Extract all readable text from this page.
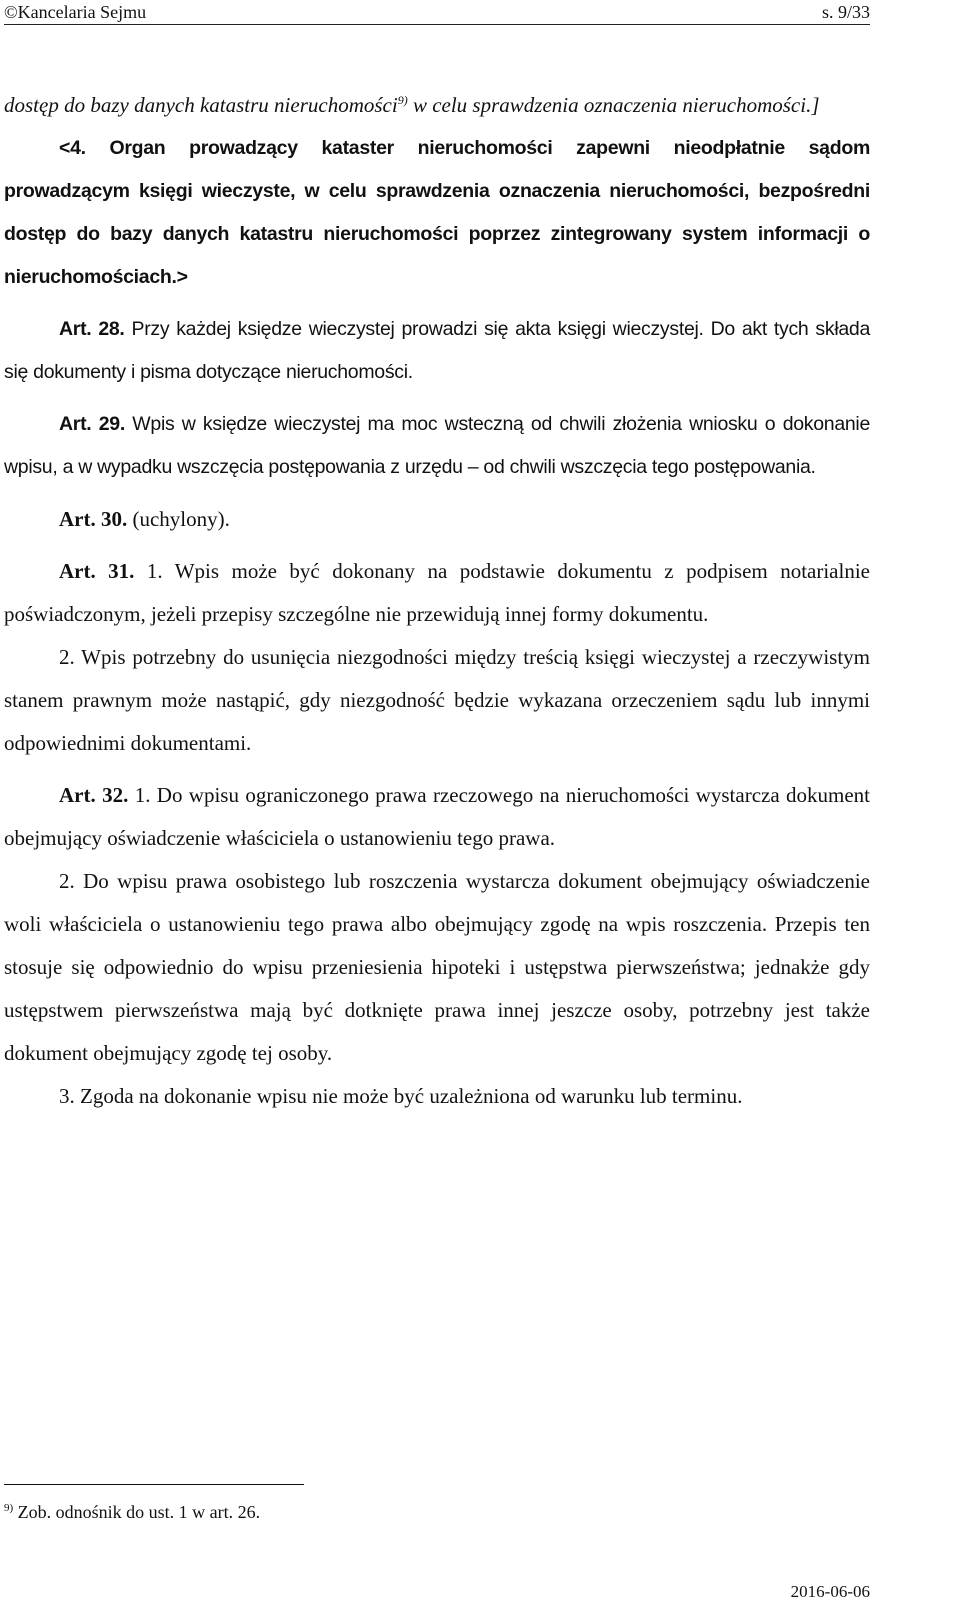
©Kancelaria Sejmu	s. 9/33

dostęp do bazy danych katastru nieruchomości$^{9)}$ w celu sprawdzenia oznaczenia nieruchomości.]

<4. Organ prowadzący kataster nieruchomości zapewni nieodpłatnie sądom prowadzącym księgi wieczyste, w celu sprawdzenia oznaczenia nieruchomości, bezpośredni dostęp do bazy danych katastru nieruchomości poprzez zintegrowany system informacji o nieruchomościach.>

Art. 28. Przy każdej księdze wieczystej prowadzi się akta księgi wieczystej. Do akt tych składa się dokumenty i pisma dotyczące nieruchomości.

Art. 29. Wpis w księdze wieczystej ma moc wsteczną od chwili złożenia wniosku o dokonanie wpisu, a w wypadku wszczęcia postępowania z urzędu – od chwili wszczęcia tego postępowania.

Art. 30. (uchylony).

Art. 31. 1. Wpis może być dokonany na podstawie dokumentu z podpisem notarialnie poświadczonym, jeżeli przepisy szczególne nie przewidują innej formy dokumentu.

2. Wpis potrzebny do usunięcia niezgodności między treścią księgi wieczystej a rzeczywistym stanem prawnym może nastąpić, gdy niezgodność będzie wykazana orzeczeniem sądu lub innymi odpowiednimi dokumentami.

Art. 32. 1. Do wpisu ograniczonego prawa rzeczowego na nieruchomości wystarcza dokument obejmujący oświadczenie właściciela o ustanowieniu tego prawa.

2. Do wpisu prawa osobistego lub roszczenia wystarcza dokument obejmujący oświadczenie woli właściciela o ustanowieniu tego prawa albo obejmujący zgodę na wpis roszczenia. Przepis ten stosuje się odpowiednio do wpisu przeniesienia hipoteki i ustępstwa pierwszeństwa; jednakże gdy ustępstwem pierwszeństwa mają być dotknięte prawa innej jeszcze osoby, potrzebny jest także dokument obejmujący zgodę tej osoby.

3. Zgoda na dokonanie wpisu nie może być uzależniona od warunku lub terminu.

$^{9)}$ Zob. odnośnik do ust. 1 w art. 26.
2016-06-06
